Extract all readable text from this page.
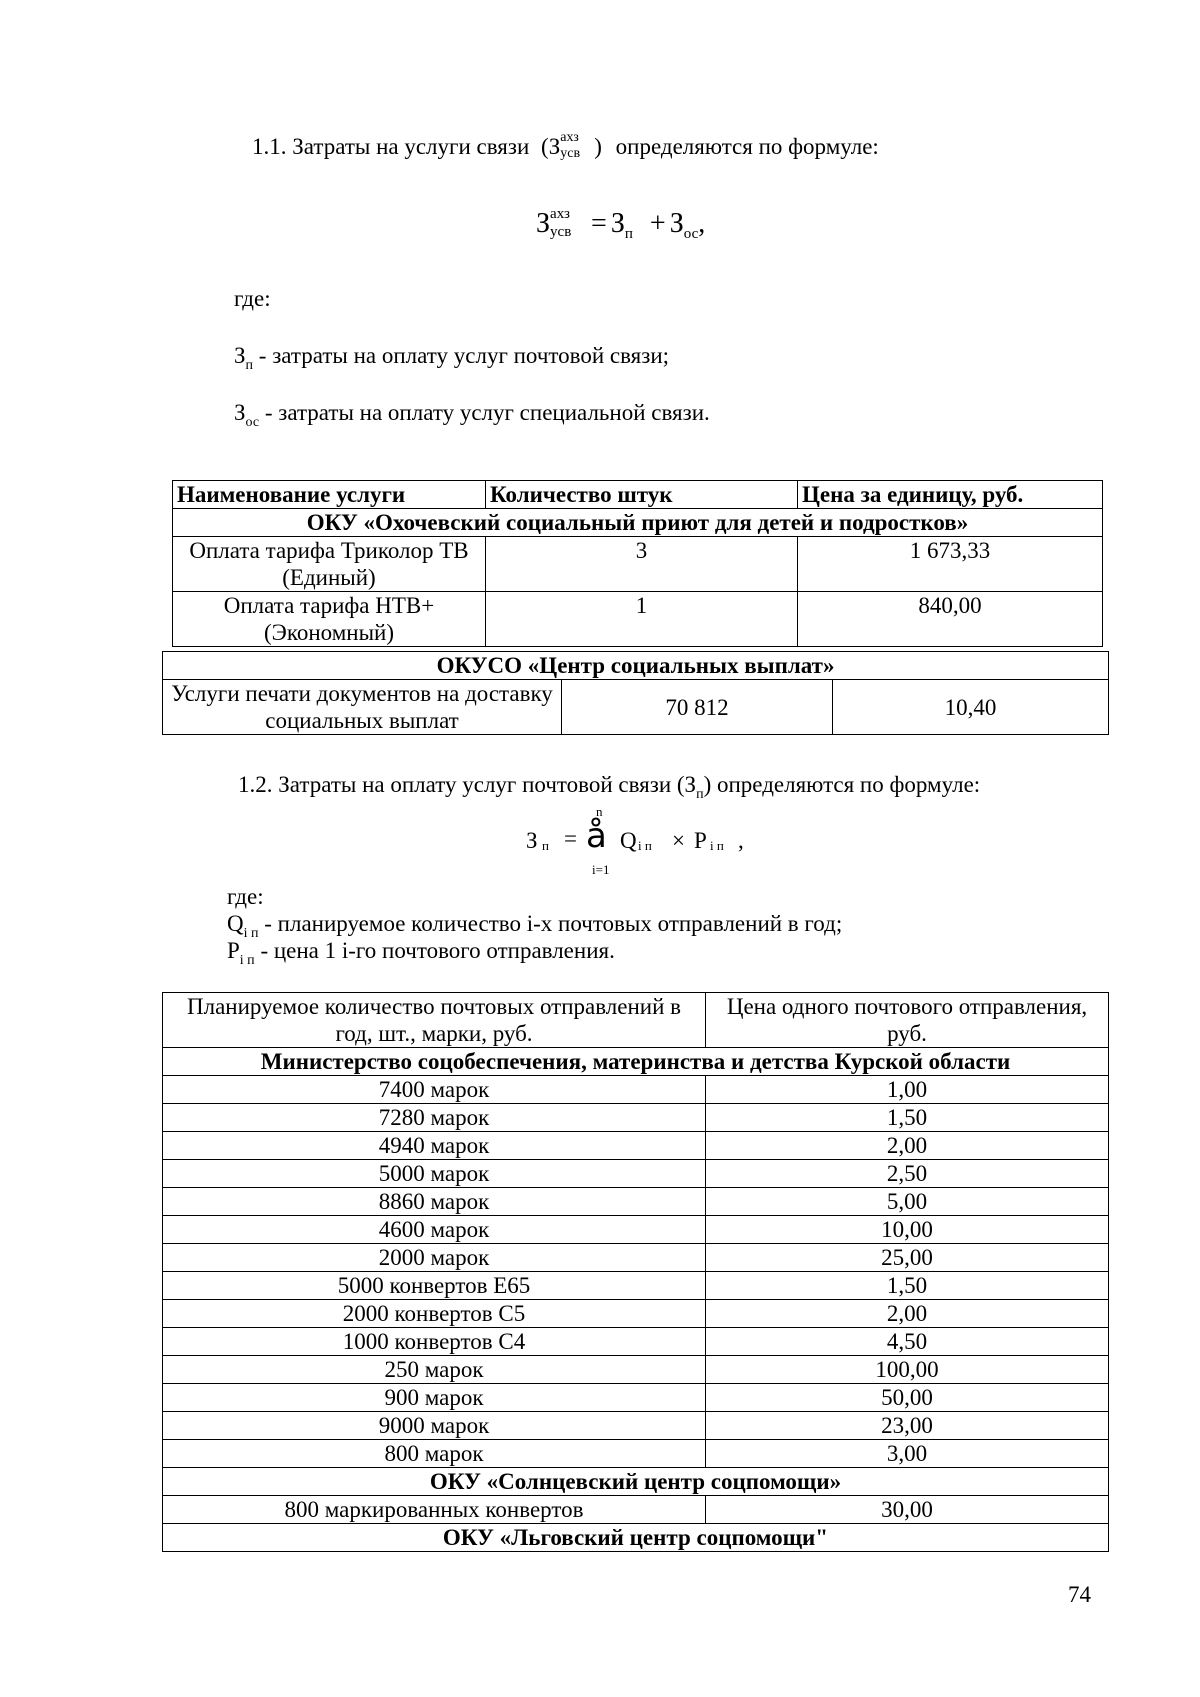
1.1. Затраты на услуги связи (З ахз
усв ) определяются по формуле:
З ахз
усв = $З_п + З_{ос}$,
где:
$З_п$ - затраты на оплату услуг почтовой связи;
$З_{ос}$ - затраты на оплату услуг специальной связи.
Наименование услуги	Количество штук	Цена за единицу, руб.
ОКУ «Охочевский социальный приют для детей и подростков»		
Оплата тарифа Триколор ТВ (Единый)	3	1 673,33
Оплата тарифа НТВ+ (Экономный)	1	840,00
ОКУСО «Центр социальных выплат»
Услуги печати документов на доставку социальных выплат	70 812	10,40
1.2. Затраты на оплату услуг почтовой связи $(З_п)$ определяются по формуле:
З п =
n
å
i=1
Q i п × P i п ,
где:
$Q_{i п}$ - планируемое количество i-х почтовых отправлений в год;
$P_{i п}$ - цена 1 i-го почтового отправления.
Планируемое количество почтовых отправлений в год, шт., марки, руб.	Цена одного почтового отправления, руб.
Министерство соцобеспечения, материнства и детства Курской области	
7400 марок	1,00
7280 марок	1,50
4940 марок	2,00
5000 марок	2,50
8860 марок	5,00
4600 марок	10,00
2000 марок	25,00
5000 конвертов Е65	1,50
2000 конвертов С5	2,00
1000 конвертов С4	4,50
250 марок	100,00
900 марок	50,00
9000 марок	23,00
800 марок	3,00
ОКУ «Солнцевский центр соцпомощи»	
800 маркированных конвертов	30,00
ОКУ «Льговский центр соцпомощи"	
74
